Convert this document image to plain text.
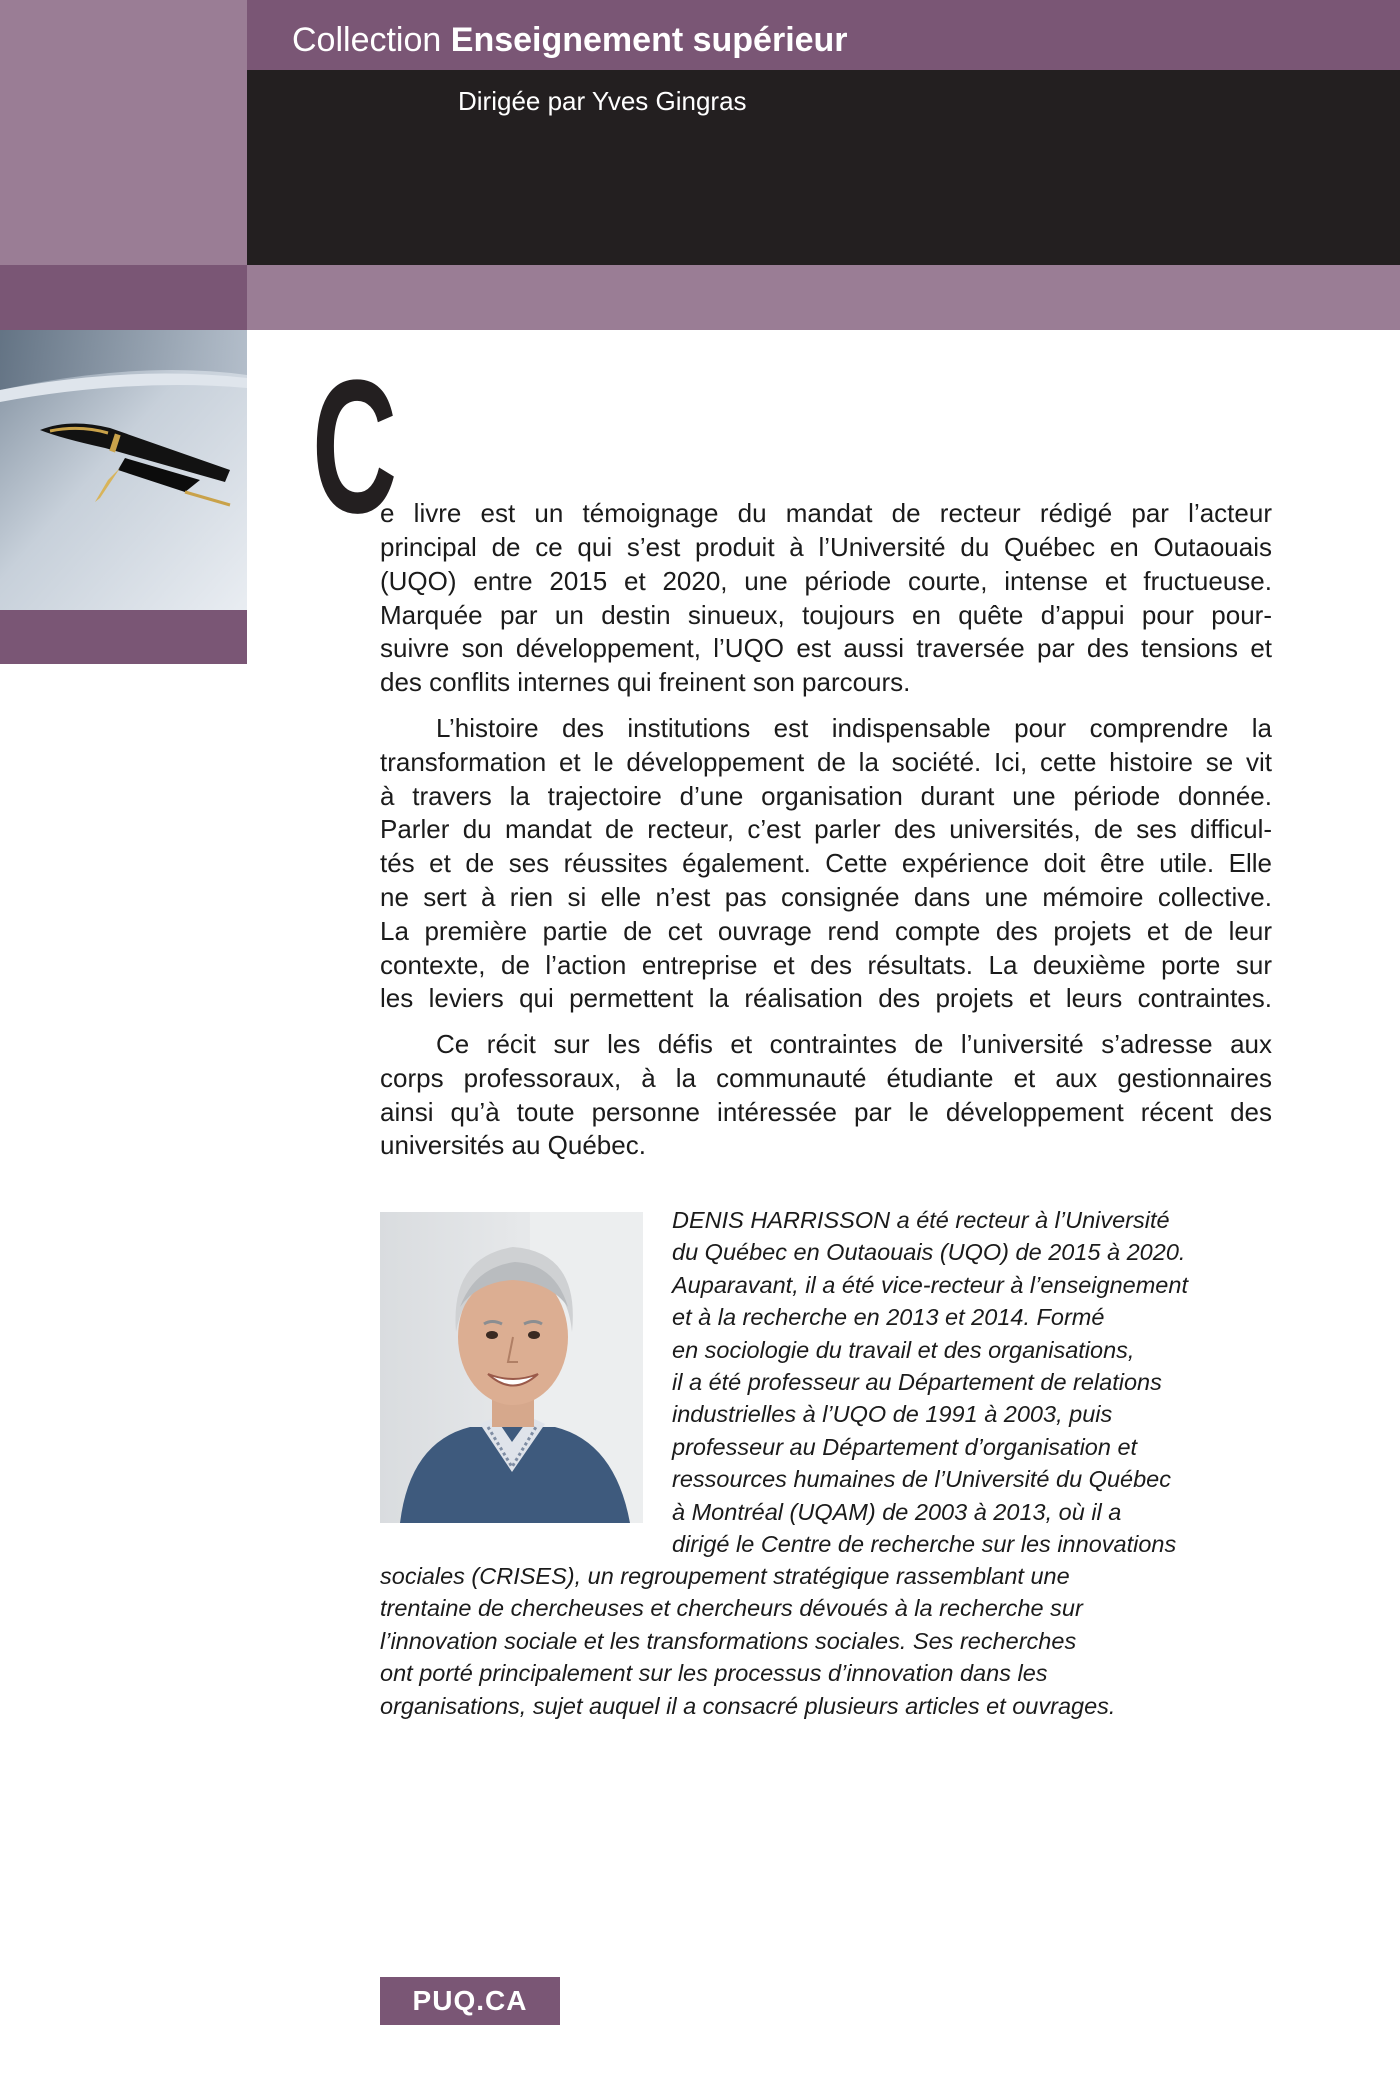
Collection Enseignement supérieur
Dirigée par Yves Gingras
C
e livre est un témoignage du mandat de recteur rédigé par l’acteur
principal de ce qui s’est produit à l’Université du Québec en Outaouais
(UQO) entre 2015 et 2020, une période courte, intense et fructueuse.
Marquée par un destin sinueux, toujours en quête d’appui pour pour-
suivre son développement, l’UQO est aussi traversée par des tensions et
des conflits internes qui freinent son parcours.
L’histoire des institutions est indispensable pour comprendre la
transformation et le développement de la société. Ici, cette histoire se vit
à travers la trajectoire d’une organisation durant une période donnée.
Parler du mandat de recteur, c’est parler des universités, de ses difficul-
tés et de ses réussites également. Cette expérience doit être utile. Elle
ne sert à rien si elle n’est pas consignée dans une mémoire collective.
La première partie de cet ouvrage rend compte des projets et de leur
contexte, de l’action entreprise et des résultats. La deuxième porte sur
les leviers qui permettent la réalisation des projets et leurs contraintes.
Ce récit sur les défis et contraintes de l’université s’adresse aux
corps professoraux, à la communauté étudiante et aux gestionnaires
ainsi qu’à toute personne intéressée par le développement récent des
universités au Québec.
DENIS HARRISSON a été recteur à l’Université
du Québec en Outaouais (UQO) de 2015 à 2020.
Auparavant, il a été vice-recteur à l’enseignement
et à la recherche en 2013 et 2014. Formé
en sociologie du travail et des organisations,
il a été professeur au Département de relations
industrielles à l’UQO de 1991 à 2003, puis
professeur au Département d’organisation et
ressources humaines de l’Université du Québec
à Montréal (UQAM) de 2003 à 2013, où il a
dirigé le Centre de recherche sur les innovations
sociales (CRISES), un regroupement stratégique rassemblant une
trentaine de chercheuses et chercheurs dévoués à la recherche sur
l’innovation sociale et les transformations sociales. Ses recherches
ont porté principalement sur les processus d’innovation dans les
organisations, sujet auquel il a consacré plusieurs articles et ouvrages.
PUQ.CA
